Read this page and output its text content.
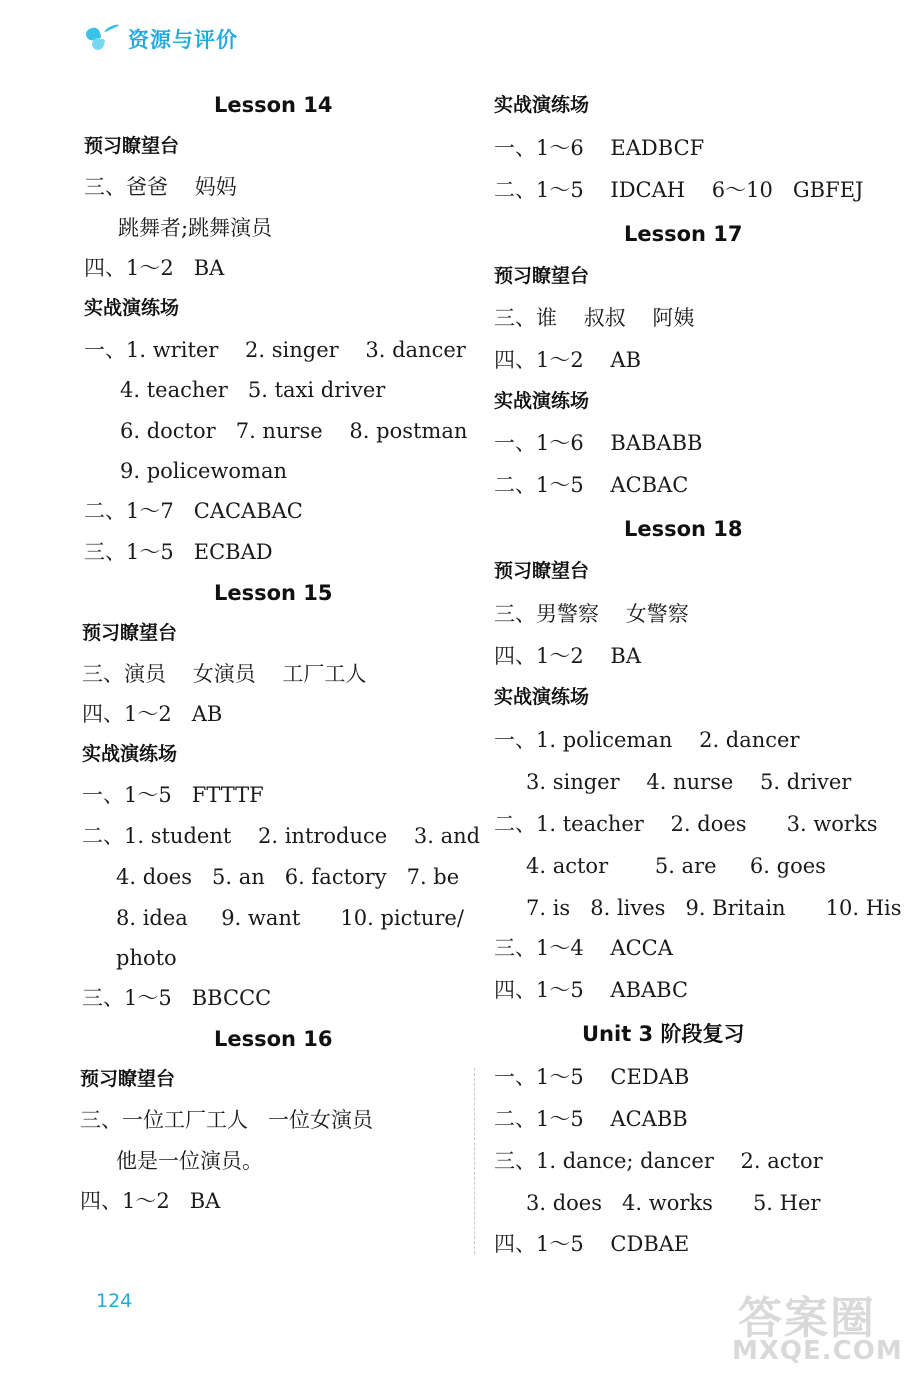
资源与评价
Lesson 14
预习瞭望台
三、爸爸    妈妈
跳舞者;跳舞演员
四、1～2   BA
实战演练场
一、1. writer    2. singer    3. dancer
4. teacher   5. taxi driver
6. doctor   7. nurse    8. postman
9. policewoman
二、1～7   CACABAC
三、1～5   ECBAD
Lesson 15
预习瞭望台
三、演员    女演员    工厂工人
四、1～2   AB
实战演练场
一、1～5   FTTTF
二、1. student    2. introduce    3. and
4. does   5. an   6. factory   7. be
8. idea     9. want      10. picture/
photo
三、1～5   BBCCC
Lesson 16
预习瞭望台
三、一位工厂工人   一位女演员
他是一位演员。
四、1～2   BA
实战演练场
一、1～6    EADBCF
二、1～5    IDCAH    6～10   GBFEJ
Lesson 17
预习瞭望台
三、谁    叔叔    阿姨
四、1～2    AB
实战演练场
一、1～6    BABABB
二、1～5    ACBAC
Lesson 18
预习瞭望台
三、男警察    女警察
四、1～2    BA
实战演练场
一、1. policeman    2. dancer
3. singer    4. nurse    5. driver
二、1. teacher    2. does      3. works
4. actor       5. are     6. goes
7. is   8. lives   9. Britain      10. His
三、1～4    ACCA
四、1～5    ABABC
Unit 3 阶段复习
一、1～5    CEDAB
二、1～5    ACABB
三、1. dance; dancer    2. actor
3. does   4. works      5. Her
四、1～5    CDBAE
124	答案圈
MXQE.COM
